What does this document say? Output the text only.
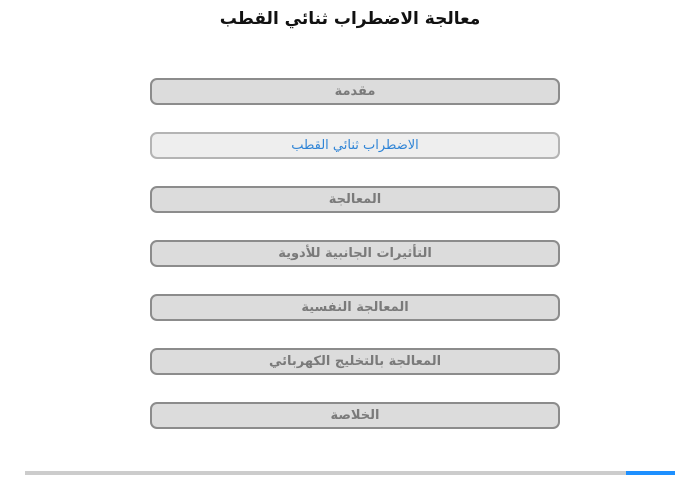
معالجة الاضطراب ثنائي القطب
مقدمة
الاضطراب ثنائي القطب
المعالجة
التأثيرات الجانبية للأدوية
المعالجة النفسية
المعالجة بالتخليج الكهربائي
الخلاصة
